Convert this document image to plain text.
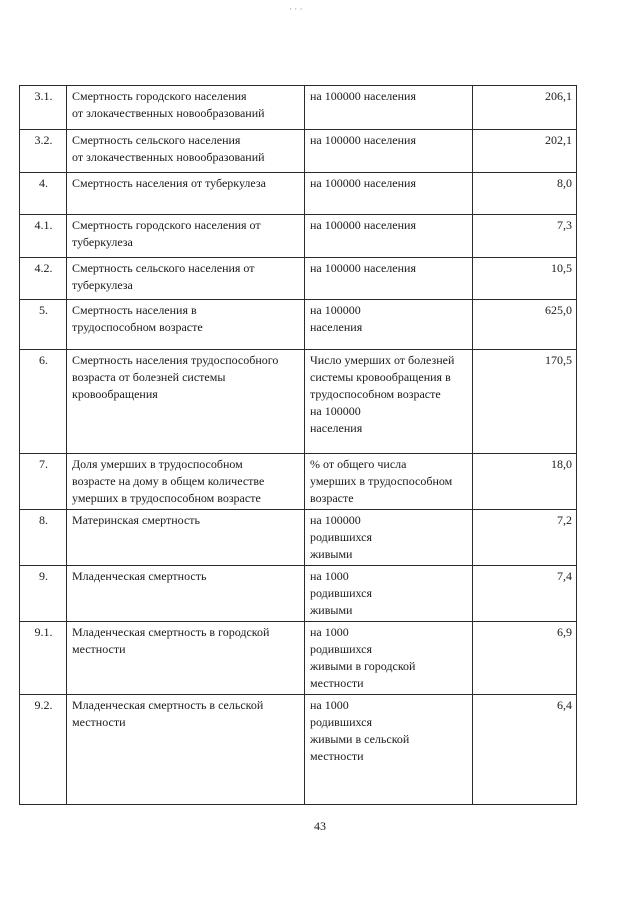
· · ·
3.1.	Смертность городского населения
от злокачественных новообразований	на 100000 населения	206,1
3.2.	Смертность сельского населения
от злокачественных новообразований	на 100000 населения	202,1
4.	Смертность населения от туберкулеза	на 100000 населения	8,0
4.1.	Смертность городского населения от
туберкулеза	на 100000 населения	7,3
4.2.	Смертность сельского населения от
туберкулеза	на 100000 населения	10,5
5.	Смертность населения в
трудоспособном возрасте	на 100000
населения	625,0
6.	Смертность населения трудоспособного
возраста от болезней системы
кровообращения	Число умерших от болезней
системы кровообращения в
трудоспособном возрасте
на 100000
населения	170,5
7.	Доля умерших в трудоспособном
возрасте на дому в общем количестве
умерших в трудоспособном возрасте	% от общего числа
умерших в трудоспособном
возрасте	18,0
8.	Материнская смертность	на 100000
родившихся
живыми	7,2
9.	Младенческая смертность	на 1000
родившихся
живыми	7,4
9.1.	Младенческая смертность в городской
местности	на 1000
родившихся
живыми в городской
местности	6,9
9.2.	Младенческая смертность в сельской
местности	на 1000
родившихся
живыми в сельской
местности	6,4
43
